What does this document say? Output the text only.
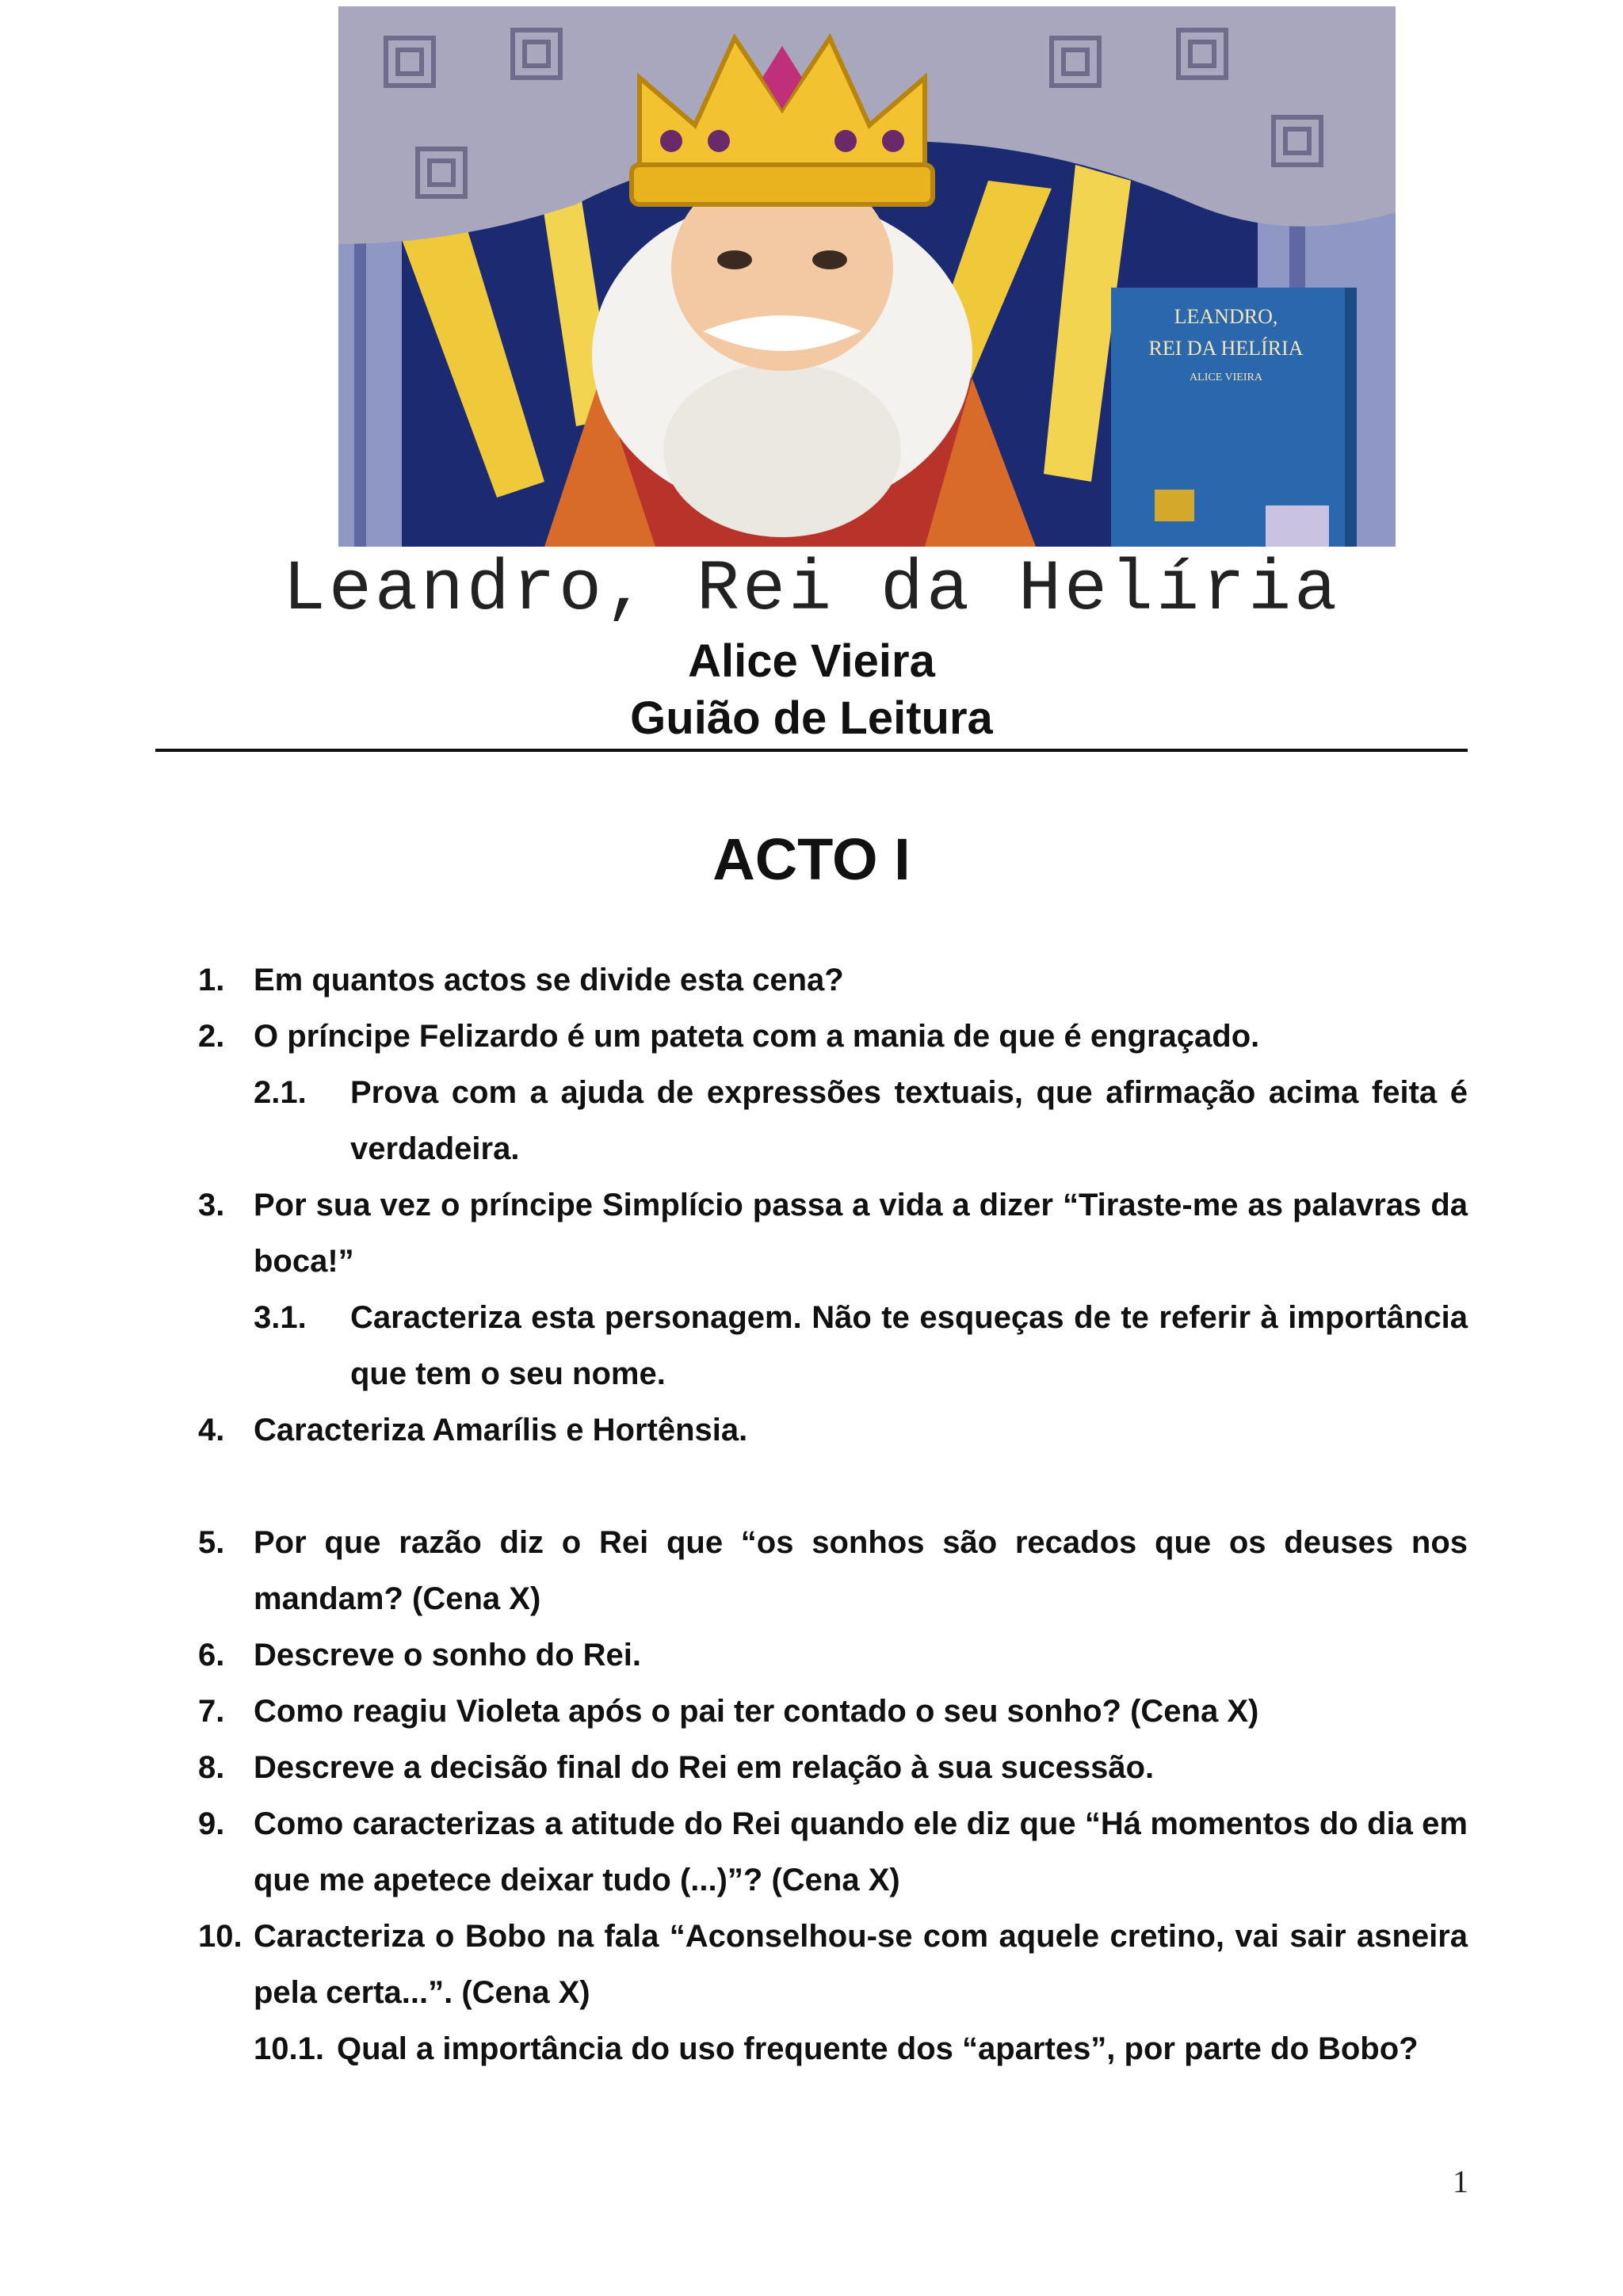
LEANDRO,
REI DA HELÍRIA
ALICE VIEIRA
Leandro, Rei da Helíria
Alice Vieira
Guião de Leitura
ACTO I
1. Em quantos actos se divide esta cena?
2. O príncipe Felizardo é um pateta com a mania de que é engraçado.
2.1.	Prova com a ajuda de expressões textuais, que afirmação acima feita é verdadeira.
3. Por sua vez o príncipe Simplício passa a vida a dizer “Tiraste-me as palavras da boca!”
3.1.	Caracteriza esta personagem. Não te esqueças de te referir à importância que tem o seu nome.
4. Caracteriza Amarílis e Hortênsia.
5. Por que razão diz o Rei que “os sonhos são recados que os deuses nos mandam? (Cena X)
6. Descreve o sonho do Rei.
7. Como reagiu Violeta após o pai ter contado o seu sonho? (Cena X)
8. Descreve a decisão final do Rei em relação à sua sucessão.
9. Como caracterizas a atitude do Rei quando ele diz que “Há momentos do dia em que me apetece deixar tudo (...)”? (Cena X)
10. Caracteriza o Bobo na fala “Aconselhou-se com aquele cretino, vai sair asneira pela certa...”. (Cena X)
10.1. Qual a importância do uso frequente dos “apartes”, por parte do Bobo?
1
